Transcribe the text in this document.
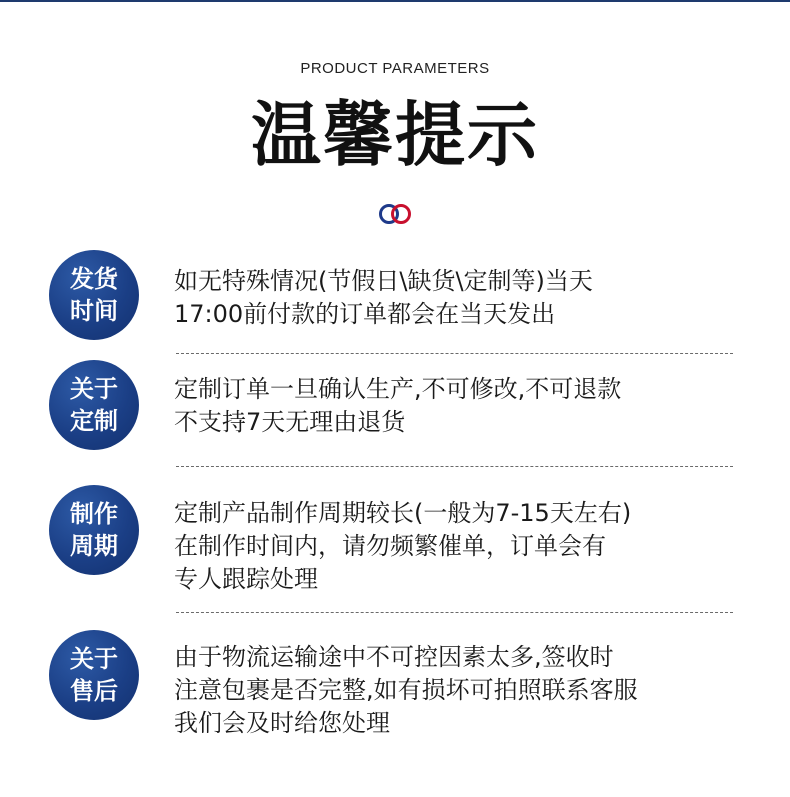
PRODUCT PARAMETERS
温馨提示
发货
时间
如无特殊情况(节假日\缺货\定制等)当天
17:00前付款的订单都会在当天发出
关于
定制
定制订单一旦确认生产,不可修改,不可退款
不支持7天无理由退货
制作
周期
定制产品制作周期较长(一般为7-15天左右)
在制作时间内，请勿频繁催单，订单会有
专人跟踪处理
关于
售后
由于物流运输途中不可控因素太多,签收时
注意包裹是否完整,如有损坏可拍照联系客服
我们会及时给您处理
